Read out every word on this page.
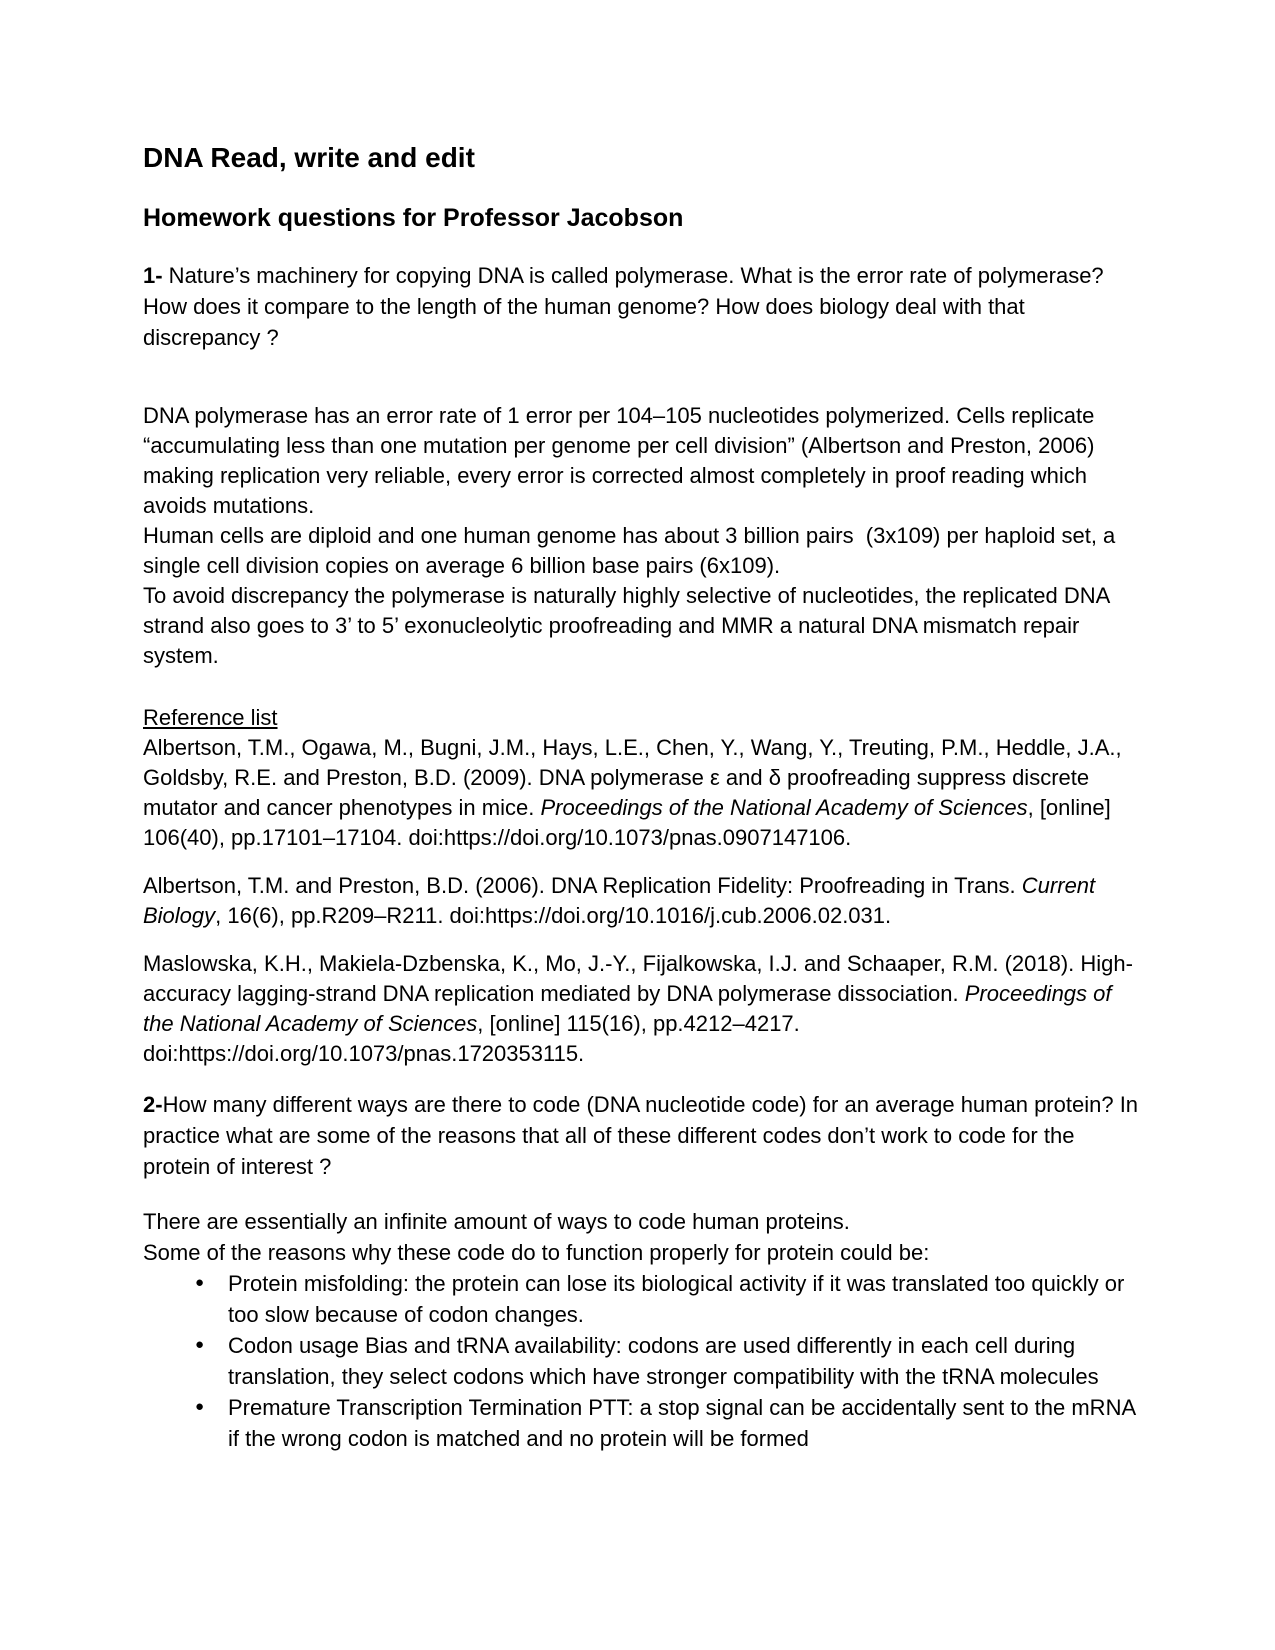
DNA Read, write and edit
Homework questions for Professor Jacobson

1- Nature’s machinery for copying DNA is called polymerase. What is the error rate of polymerase? How does it compare to the length of the human genome? How does biology deal with that discrepancy ?

DNA polymerase has an error rate of 1 error per 104–105 nucleotides polymerized. Cells replicate “accumulating less than one mutation per genome per cell division” (Albertson and Preston, 2006) making replication very reliable, every error is corrected almost completely in proof reading which avoids mutations.
Human cells are diploid and one human genome has about 3 billion pairs  (3x109) per haploid set, a single cell division copies on average 6 billion base pairs (6x109).
To avoid discrepancy the polymerase is naturally highly selective of nucleotides, the replicated DNA strand also goes to 3’ to 5’ exonucleolytic proofreading and MMR a natural DNA mismatch repair system.
Reference list
Albertson, T.M., Ogawa, M., Bugni, J.M., Hays, L.E., Chen, Y., Wang, Y., Treuting, P.M., Heddle, J.A., Goldsby, R.E. and Preston, B.D. (2009). DNA polymerase ε and δ proofreading suppress discrete mutator and cancer phenotypes in mice. Proceedings of the National Academy of Sciences, [online] 106(40), pp.17101–17104. doi:https://doi.org/10.1073/pnas.0907147106.
Albertson, T.M. and Preston, B.D. (2006). DNA Replication Fidelity: Proofreading in Trans. Current Biology, 16(6), pp.R209–R211. doi:https://doi.org/10.1016/j.cub.2006.02.031.
Maslowska, K.H., Makiela-Dzbenska, K., Mo, J.-Y., Fijalkowska, I.J. and Schaaper, R.M. (2018). High-accuracy lagging-strand DNA replication mediated by DNA polymerase dissociation. Proceedings of the National Academy of Sciences, [online] 115(16), pp.4212–4217. doi:https://doi.org/10.1073/pnas.1720353115.

2-How many different ways are there to code (DNA nucleotide code) for an average human protein? In practice what are some of the reasons that all of these different codes don’t work to code for the protein of interest ?

There are essentially an infinite amount of ways to code human proteins.
Some of the reasons why these code do to function properly for protein could be:
● Protein misfolding: the protein can lose its biological activity if it was translated too quickly or too slow because of codon changes.
● Codon usage Bias and tRNA availability: codons are used differently in each cell during translation, they select codons which have stronger compatibility with the tRNA molecules
● Premature Transcription Termination PTT: a stop signal can be accidentally sent to the mRNA if the wrong codon is matched and no protein will be formed
